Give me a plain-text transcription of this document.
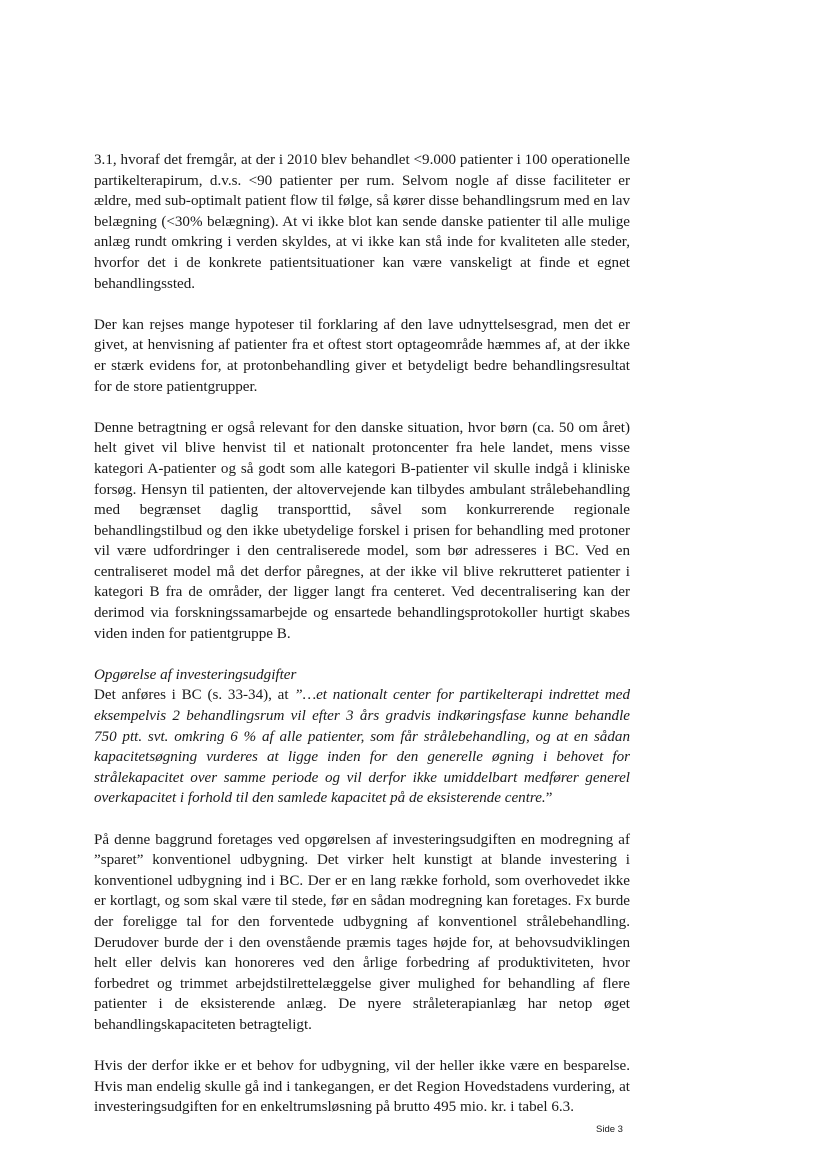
3.1, hvoraf det fremgår, at der i 2010 blev behandlet <9.000 patienter i 100 operationelle partikelterapirum, d.v.s. <90 patienter per rum. Selvom nogle af disse faciliteter er ældre, med sub-optimalt patient flow til følge, så kører disse behandlingsrum med en lav belægning (<30% belægning). At vi ikke blot kan sende danske patienter til alle mulige anlæg rundt omkring i verden skyldes, at vi ikke kan stå inde for kvaliteten alle steder, hvorfor det i de konkrete patientsituationer kan være vanskeligt at finde et egnet behandlingssted.

Der kan rejses mange hypoteser til forklaring af den lave udnyttelsesgrad, men det er givet, at henvisning af patienter fra et oftest stort optageområde hæmmes af, at der ikke er stærk evidens for, at protonbehandling giver et betydeligt bedre behandlingsresultat for de store patientgrupper.

Denne betragtning er også relevant for den danske situation, hvor børn (ca. 50 om året) helt givet vil blive henvist til et nationalt protoncenter fra hele landet, mens visse kategori A-patienter og så godt som alle kategori B-patienter vil skulle indgå i kliniske forsøg. Hensyn til patienten, der altovervejende kan tilbydes ambulant strålebehandling med begrænset daglig transporttid, såvel som konkurrerende regionale behandlingstilbud og den ikke ubetydelige forskel i prisen for behandling med protoner vil være udfordringer i den centraliserede model, som bør adresseres i BC. Ved en centraliseret model må det derfor påregnes, at der ikke vil blive rekrutteret patienter i kategori B fra de områder, der ligger langt fra centeret. Ved decentralisering kan der derimod via forskningssamarbejde og ensartede behandlingsprotokoller hurtigt skabes viden inden for patientgruppe B.

Opgørelse af investeringsudgifter

Det anføres i BC (s. 33-34), at ”…et nationalt center for partikelterapi indrettet med eksempelvis 2 behandlingsrum vil efter 3 års gradvis indkøringsfase kunne behandle 750 ptt. svt. omkring 6 % af alle patienter, som får strålebehandling, og at en sådan kapacitetsøgning vurderes at ligge inden for den generelle øgning i behovet for strålekapacitet over samme periode og vil derfor ikke umiddelbart medfører generel overkapacitet i forhold til den samlede kapacitet på de eksisterende centre.”

På denne baggrund foretages ved opgørelsen af investeringsudgiften en modregning af ”sparet” konventionel udbygning. Det virker helt kunstigt at blande investering i konventionel udbygning ind i BC. Der er en lang række forhold, som overhovedet ikke er kortlagt, og som skal være til stede, før en sådan modregning kan foretages. Fx burde der foreligge tal for den forventede udbygning af konventionel strålebehandling. Derudover burde der i den ovenstående præmis tages højde for, at behovsudviklingen helt eller delvis kan honoreres ved den årlige forbedring af produktiviteten, hvor forbedret og trimmet arbejdstilrettelæggelse giver mulighed for behandling af flere patienter i de eksisterende anlæg. De nyere stråleterapianlæg har netop øget behandlingskapaciteten betragteligt.

Hvis der derfor ikke er et behov for udbygning, vil der heller ikke være en besparelse. Hvis man endelig skulle gå ind i tankegangen, er det Region Hovedstadens vurdering, at investeringsudgiften for en enkeltrumsløsning på brutto 495 mio. kr. i tabel 6.3.

Side 3
